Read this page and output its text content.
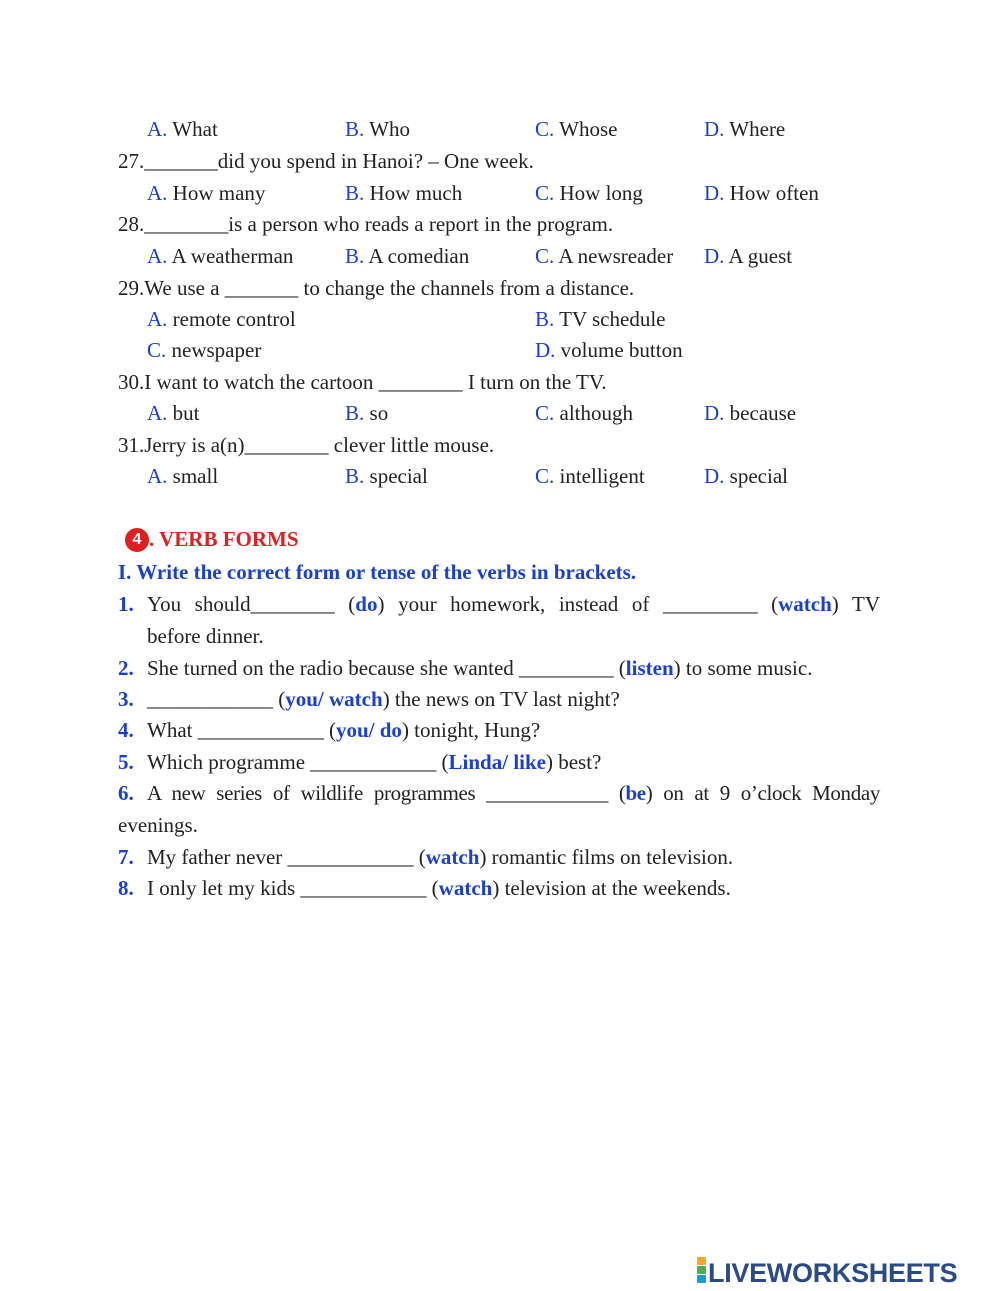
A. What	B. Who	C. Whose	D. Where
27._______did you spend in Hanoi? – One week.
A. How many	B. How much	C. How long	D. How often
28.________is a person who reads a report in the program.
A. A weatherman B. A comedian	C. A newsreader D. A guest
29.We use a _______ to change the channels from a distance.
A. remote control	B. TV schedule
C. newspaper	D. volume button
30.I want to watch the cartoon ________ I turn on the TV.
A. but	B. so	C. although	D. because
31.Jerry is a(n)________ clever little mouse.
A. small	B. special	C. intelligent	D. special
4 . VERB FORMS
I. Write the correct form or tense of the verbs in brackets.
1. You should________ (do) your homework, instead of _________ (watch) TV
before dinner.
2. She turned on the radio because she wanted _________ (listen) to some music.
3. ____________ (you/ watch) the news on TV last night?
4. What ____________ (you/ do) tonight, Hung?
5. Which programme ____________ (Linda/ like) best?
6. A new series of wildlife programmes ____________ (be) on at 9 o’clock Monday
evenings.
7. My father never ____________ (watch) romantic films on television.
8. I only let my kids ____________ (watch) television at the weekends.
LIVEWORKSHEETS
